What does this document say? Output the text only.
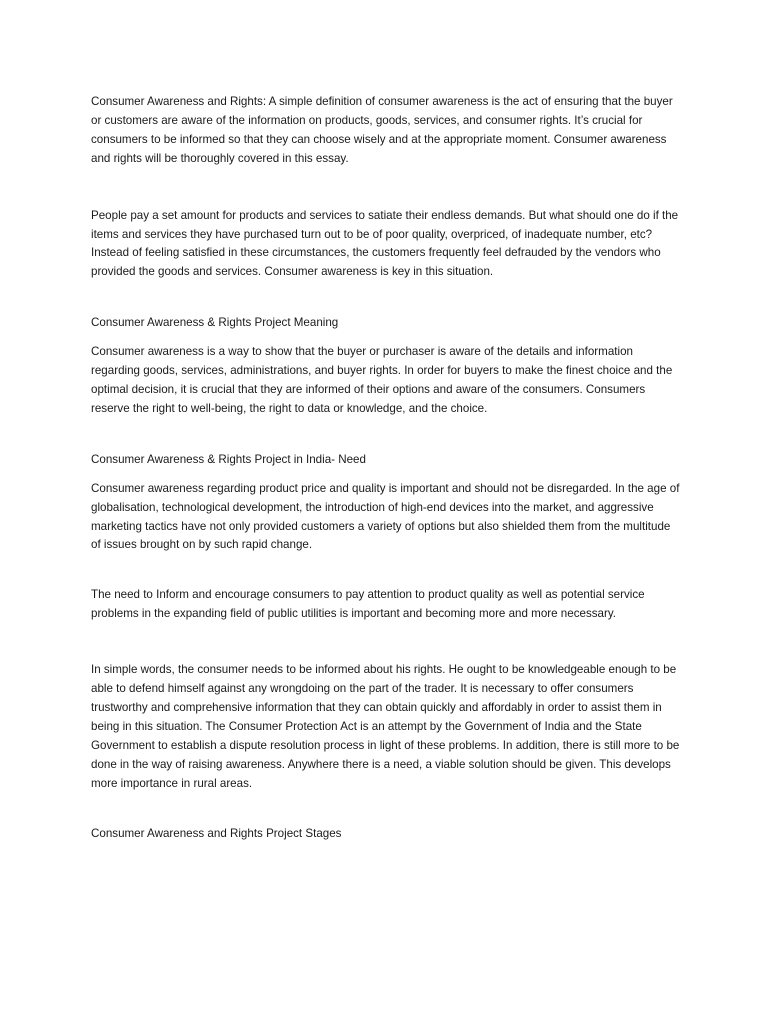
Consumer Awareness and Rights: A simple definition of consumer awareness is the act of ensuring that the buyer or customers are aware of the information on products, goods, services, and consumer rights. It’s crucial for consumers to be informed so that they can choose wisely and at the appropriate moment. Consumer awareness and rights will be thoroughly covered in this essay.

People pay a set amount for products and services to satiate their endless demands. But what should one do if the items and services they have purchased turn out to be of poor quality, overpriced, of inadequate number, etc? Instead of feeling satisfied in these circumstances, the customers frequently feel defrauded by the vendors who provided the goods and services. Consumer awareness is key in this situation.

Consumer Awareness & Rights Project Meaning

Consumer awareness is a way to show that the buyer or purchaser is aware of the details and information regarding goods, services, administrations, and buyer rights. In order for buyers to make the finest choice and the optimal decision, it is crucial that they are informed of their options and aware of the consumers. Consumers reserve the right to well-being, the right to data or knowledge, and the choice.

Consumer Awareness & Rights Project in India- Need

Consumer awareness regarding product price and quality is important and should not be disregarded. In the age of globalisation, technological development, the introduction of high-end devices into the market, and aggressive marketing tactics have not only provided customers a variety of options but also shielded them from the multitude of issues brought on by such rapid change.

The need to Inform and encourage consumers to pay attention to product quality as well as potential service problems in the expanding field of public utilities is important and becoming more and more necessary.

In simple words, the consumer needs to be informed about his rights. He ought to be knowledgeable enough to be able to defend himself against any wrongdoing on the part of the trader. It is necessary to offer consumers trustworthy and comprehensive information that they can obtain quickly and affordably in order to assist them in being in this situation. The Consumer Protection Act is an attempt by the Government of India and the State Government to establish a dispute resolution process in light of these problems. In addition, there is still more to be done in the way of raising awareness. Anywhere there is a need, a viable solution should be given. This develops more importance in rural areas.

Consumer Awareness and Rights Project Stages
